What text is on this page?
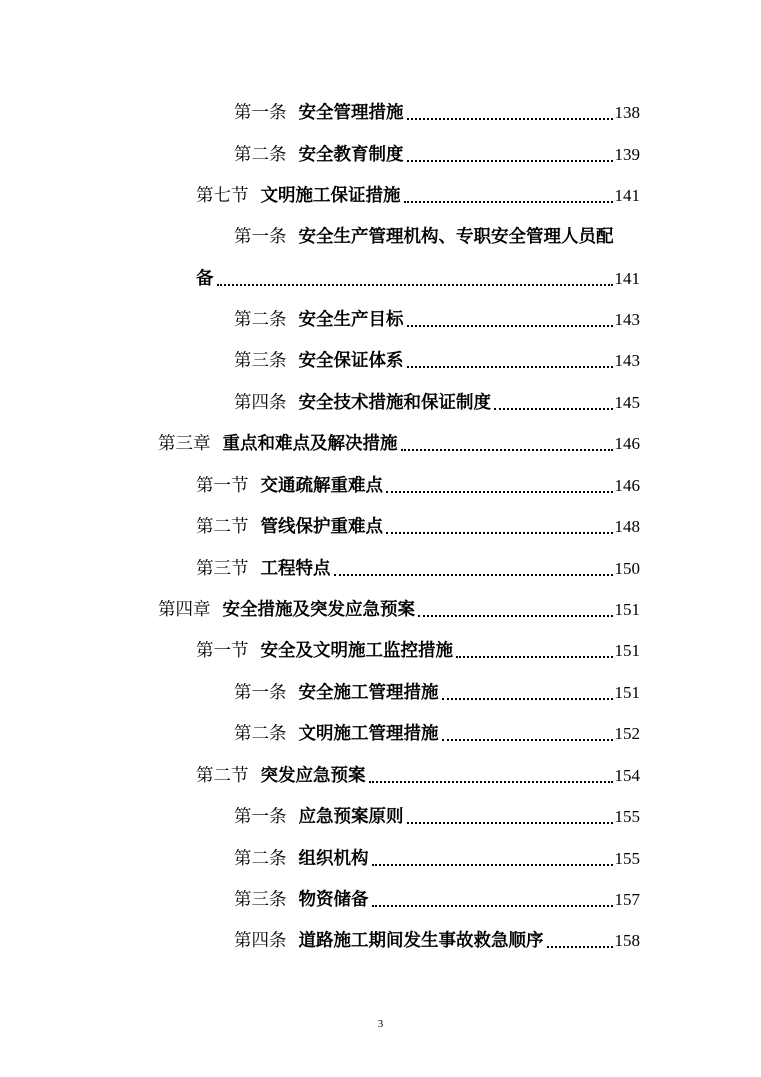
第一条 安全管理措施	138
第二条 安全教育制度	139
第七节 文明施工保证措施	141
第一条 安全生产管理机构、专职安全管理人员配
备	141
第二条 安全生产目标	143
第三条 安全保证体系	143
第四条 安全技术措施和保证制度	145
第三章 重点和难点及解决措施	146
第一节 交通疏解重难点	146
第二节 管线保护重难点	148
第三节 工程特点	150
第四章 安全措施及突发应急预案	151
第一节 安全及文明施工监控措施	151
第一条 安全施工管理措施	151
第二条 文明施工管理措施	152
第二节 突发应急预案	154
第一条 应急预案原则	155
第二条 组织机构	155
第三条 物资储备	157
第四条 道路施工期间发生事故救急顺序	158
3
